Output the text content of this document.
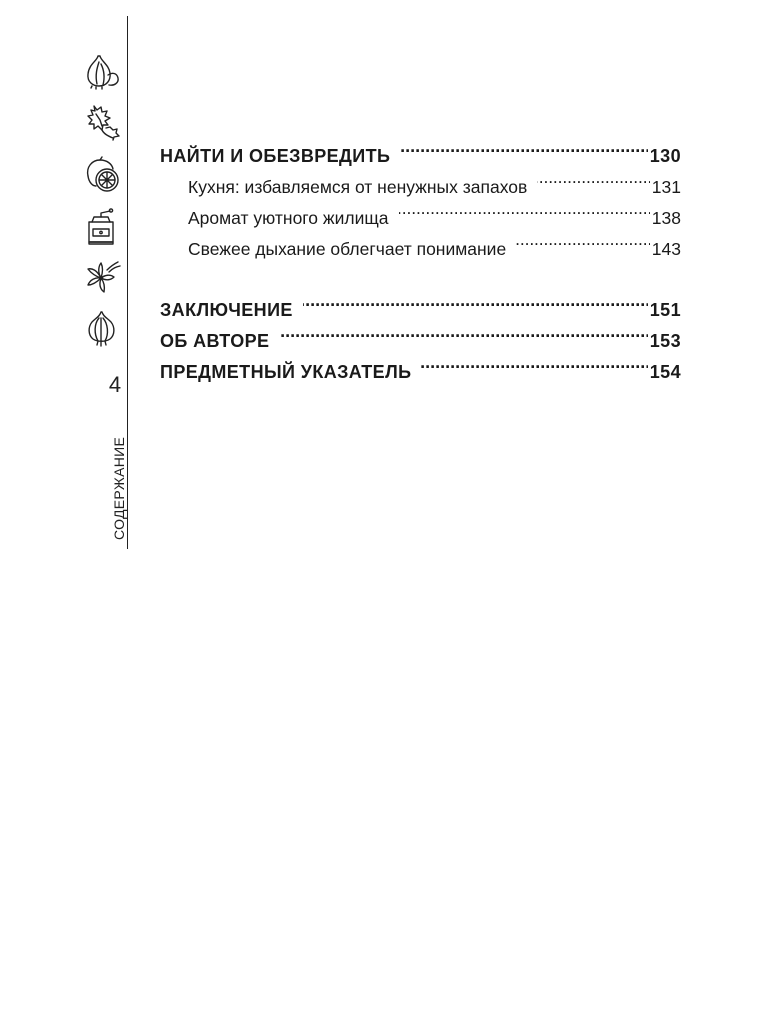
4
СОДЕРЖАНИЕ
НАЙТИ И ОБЕЗВРЕДИТЬ . . .	130
Кухня: избавляемся от ненужных запахов . . .	131
Аромат уютного жилища . . .	138
Свежее дыхание облегчает понимание . . .	143
ЗАКЛЮЧЕНИЕ . . .	151
ОБ АВТОРЕ . . .	153
ПРЕДМЕТНЫЙ УКАЗАТЕЛЬ . . .	154
